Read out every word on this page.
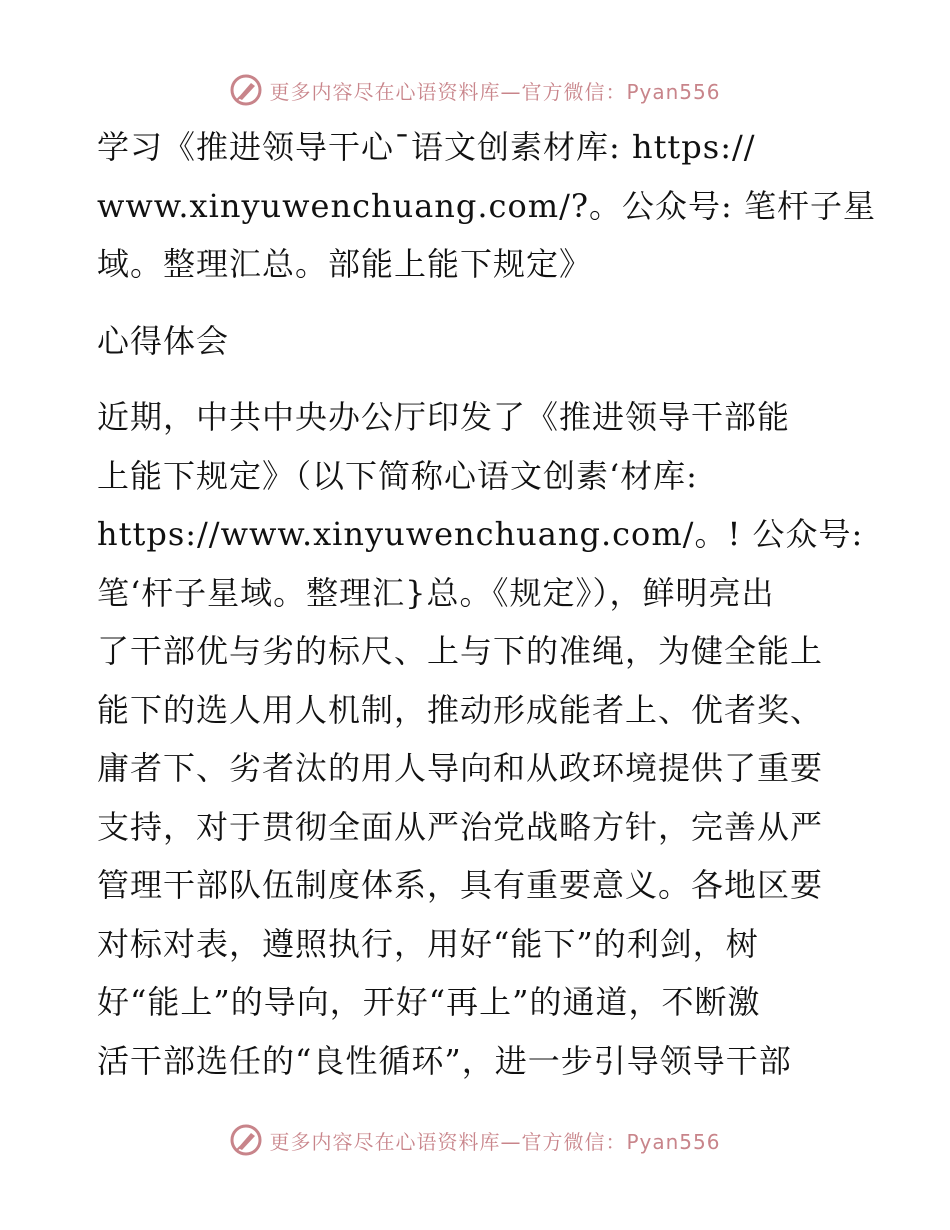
更多内容尽在心语资料库—官方微信：Pyan556
学习《推进领导干心¯语文创素材库: https://
www.xinyuwenchuang.com/?。公众号: 笔杆子星
域。整理汇总。部能上能下规定》
心得体会
近期，中共中央办公厅印发了《推进领导干部能
上能下规定》（以下简称心语文创素‘材库:
https://www.xinyuwenchuang.com/。! 公众号:
笔‘杆子星域。整理汇}总。《规定》），鲜明亮出
了干部优与劣的标尺、上与下的准绳，为健全能上
能下的选人用人机制，推动形成能者上、优者奖、
庸者下、劣者汰的用人导向和从政环境提供了重要
支持，对于贯彻全面从严治党战略方针，完善从严
管理干部队伍制度体系，具有重要意义。各地区要
对标对表，遵照执行，用好“能下”的利剑，树
好“能上”的导向，开好“再上”的通道，不断激
活干部选任的“良性循环”，进一步引导领导干部
更多内容尽在心语资料库—官方微信：Pyan556
